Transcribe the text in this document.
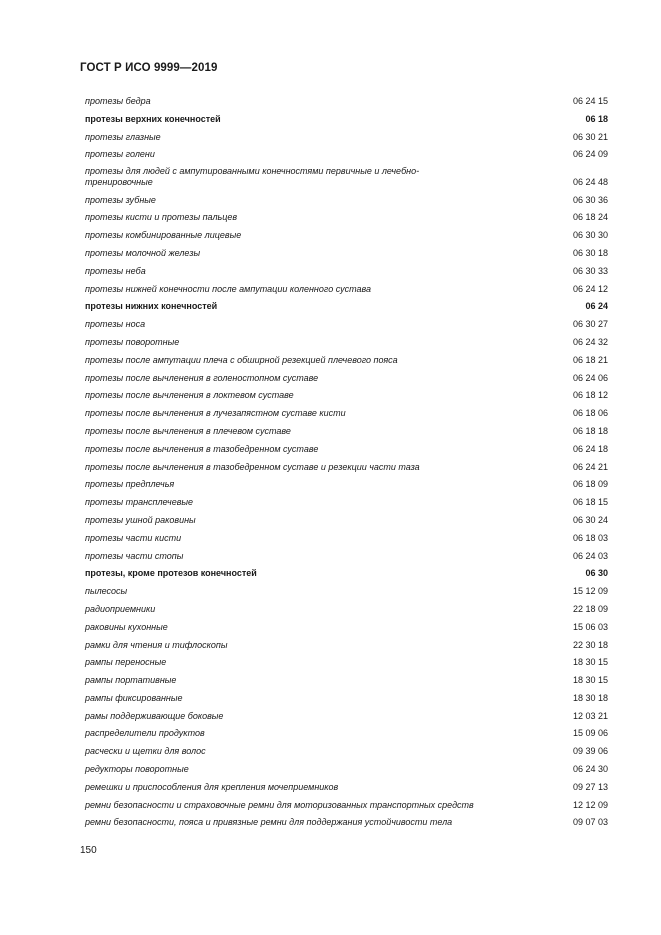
ГОСТ Р ИСО 9999—2019
протезы бедра	06 24 15
протезы верхних конечностей	06 18
протезы глазные	06 30 21
протезы голени	06 24 09
протезы для людей с ампутированными конечностями первичные и лечебно-тренировочные	06 24 48
протезы зубные	06 30 36
протезы кисти и протезы пальцев	06 18 24
протезы комбинированные лицевые	06 30 30
протезы молочной железы	06 30 18
протезы неба	06 30 33
протезы нижней конечности после ампутации коленного сустава	06 24 12
протезы нижних конечностей	06 24
протезы носа	06 30 27
протезы поворотные	06 24 32
протезы после ампутации плеча с обширной резекцией плечевого пояса	06 18 21
протезы после вычленения в голеностопном суставе	06 24 06
протезы после вычленения в локтевом суставе	06 18 12
протезы после вычленения в лучезапястном суставе кисти	06 18 06
протезы после вычленения в плечевом суставе	06 18 18
протезы после вычленения в тазобедренном суставе	06 24 18
протезы после вычленения в тазобедренном суставе и резекции части таза	06 24 21
протезы предплечья	06 18 09
протезы трансплечевые	06 18 15
протезы ушной раковины	06 30 24
протезы части кисти	06 18 03
протезы части стопы	06 24 03
протезы, кроме протезов конечностей	06 30
пылесосы	15 12 09
радиоприемники	22 18 09
раковины кухонные	15 06 03
рамки для чтения и тифлоскопы	22 30 18
рампы переносные	18 30 15
рампы портативные	18 30 15
рампы фиксированные	18 30 18
рамы поддерживающие боковые	12 03 21
распределители продуктов	15 09 06
расчески и щетки для волос	09 39 06
редукторы поворотные	06 24 30
ремешки и приспособления для крепления мочеприемников	09 27 13
ремни безопасности и страховочные ремни для моторизованных транспортных средств	12 12 09
ремни безопасности, пояса и привязные ремни для поддержания устойчивости тела	09 07 03
150
